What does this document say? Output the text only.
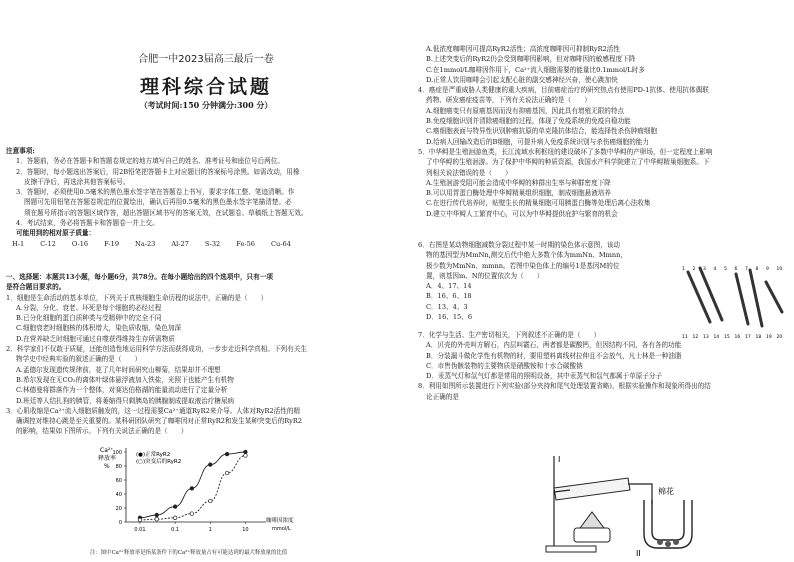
合肥一中2023届高三最后一卷
理科综合试题
（考试时间:150 分钟满分:300 分）
注意事项:
1．答题前，务必在答题卡和答题卷规定的地方填写自己的姓名、准考证号和座位号后两位。
2．答题时，每小题选出答案后，用2B铅笔把答题卡上对应题目的答案标号涂黑。如需改动，用橡
皮擦干净后，再选涂其他答案标号。
3．答题时，必须使用0.5毫米的黑色墨水签字笔在答题卷上书写，要求字体工整、笔迹清晰。作
图题可先用铅笔在答题卷规定的位置绘出，确认后再用0.5毫米的黑色墨水签字笔描清楚。必
须在题号所指示的答题区域作答，超出答题区域书写的答案无效，在试题卷、草稿纸上答题无效。
4．考试结束，务必将答题卡和答题卷一并上交。
可能用到的相对原子质量：
H-1 C-12 O-16 F-19 Na-23 Al-27 S-32 Fe-56 Cu-64
一、选择题：本题共13小题，每小题6分，共78分。在每小题给出的四个选项中，只有一项
是符合题目要求的。
1．细胞是生命活动的基本单位，下列关于真核细胞生命历程的说法中，正确的是（　　）
A.分裂、分化、衰老、坏死是每个细胞的必经过程
B.已分化细胞的蛋白质种类与受精卵中的完全不同
C.细胞衰老时细胞核的体积增大，染色质收缩，染色加深
D.在营养缺乏时细胞可通过自噬获得维持生存所需物质
2．科学家们不仅敢于质疑，还能创造性地运用科学方法而获得成功，一步步走近科学真相。下列有关生
物学史中经典实验的叙述正确的是（　　）
A.孟德尔发现遗传规律前，花了几年时间研究山柳菊，结果却并不理想
B.希尔发现在无CO₂的离体叶绿体悬浮液加入铁盐，光照下也能产生有机物
C.林德曼将群落作为一个整体，对赛达伯格湖的能量流动进行了定量分析
D.班廷等人结扎狗的胰管，将萎缩得只剩胰岛的胰腺制成提取液治疗糖尿病
3．心肌收缩是Ca²⁺流入细胞质触发的，这一过程需要Ca²⁺通道RyR2来介导。人体对RyR2活性的精
确调控对维持心跳是至关重要的。某科研团队研究了咖啡因对正常RyR2和发生某种突变后的RyR2
的影响，结果如下图所示。下列有关说法正确的是（　　）
Ca²⁺
释放率
%
(●)正常RyR2
(○)突变后的RyR2
咖啡因浓度
mmol/L
0
20
40
60
80
100
0.01	0.1	1	10
注：图中Ca²⁺释放率是指某条件下的Ca²⁺释放量占有可能达到的最大释放量的比值
A.低浓度咖啡因可提高RyR2活性；高浓度咖啡因可抑制RyR2活性
B.上述突变后的RyR2仍会受到咖啡因影响，但对咖啡因的敏感程度下降
C.在1mmol/L咖啡因作用下，Ca²⁺流入细胞需要的能量比0.1mmol/L时多
D.正常人饮用咖啡会引起支配心脏的副交感神经兴奋，使心跳加快
4．癌症是严重威胁人类健康的重大疾病，目前癌症治疗的研究热点有使用PD-1抗体、使用抗体偶联
药物、研发癌症疫苗等，下列有关说法正确的是（　　）
A.细胞癌变只有原癌基因而没有抑癌基因，因此具有增殖无限的特点
B.免疫细胞识别并清除癌细胞的过程，体现了免疫系统的免疫自稳功能
C.癌细胞表面与特异性识别肿瘤抗原的单克隆抗体结合，能选择性杀伤肿瘤细胞
D.给病人回输改造后的B细胞，可提升病人免疫系统识别与杀伤癌细胞的能力
5．中华鲟是生殖洄游鱼类，长江流域水利枢纽的建设破坏了多数中华鲟的产卵场，但一定程度上影响
了中华鲟的生殖洄游。为了保护中华鲟的种质资源，我国水产科学院建立了中华鲟精巢细胞系。下
列相关说法错误的是（　　）
A.生殖洄游受阻可能会造成中华鲟的种群出生率与种群密度下降
B.可以用胃蛋白酶处理中华鲟精巢组织细胞，制成细胞悬液培养
C.在进行传代培养时，贴壁生长的精巢细胞可用胰蛋白酶等处理后离心法收集
D.建立中华鲟人工繁育中心，可以为中华鲟提供庇护与繁育的机会
6．右图是某动物细胞减数分裂过程中某一时期的染色体示意图，该动
物的基因型为MmNn,测交后代中绝大多数个体为mmNn、Mmnn，
极少数为MmNn、mmnn。若图中染色体上的编号1是基因M的位
置，则基因m、N的位置依次为（　　）
A．4、17、14
B．16、6、18
C．13、4、3
D．16、15、6
1 2 3 4 5 6 7 8 9 10
11 12 13 14 15 16 17 18 19 20
7．化学与生活、生产密切相关，下列叙述不正确的是（　　）
A．贝壳的外壳叫方解石，内层叫霰石，两者都是碳酸钙，但因结构不同，各有各的功能
B．分装漏斗做化学性有机物的时，要用塑料离线材拉伸且不会放气，凡士林是一种油脂
C．市售伪骸装物的主要物质是硝酸铵和十水合碳酸钠
D．汞蒸气灯和氙气灯都是常用的照明设备，其中汞蒸气和氙气都属于单原子分子
8．利用如图所示装置进行下列实验(部分夹持和尾气处理装置省略)，根据实验操作和现象所得出的结
论正确的是
I
II
棉花
